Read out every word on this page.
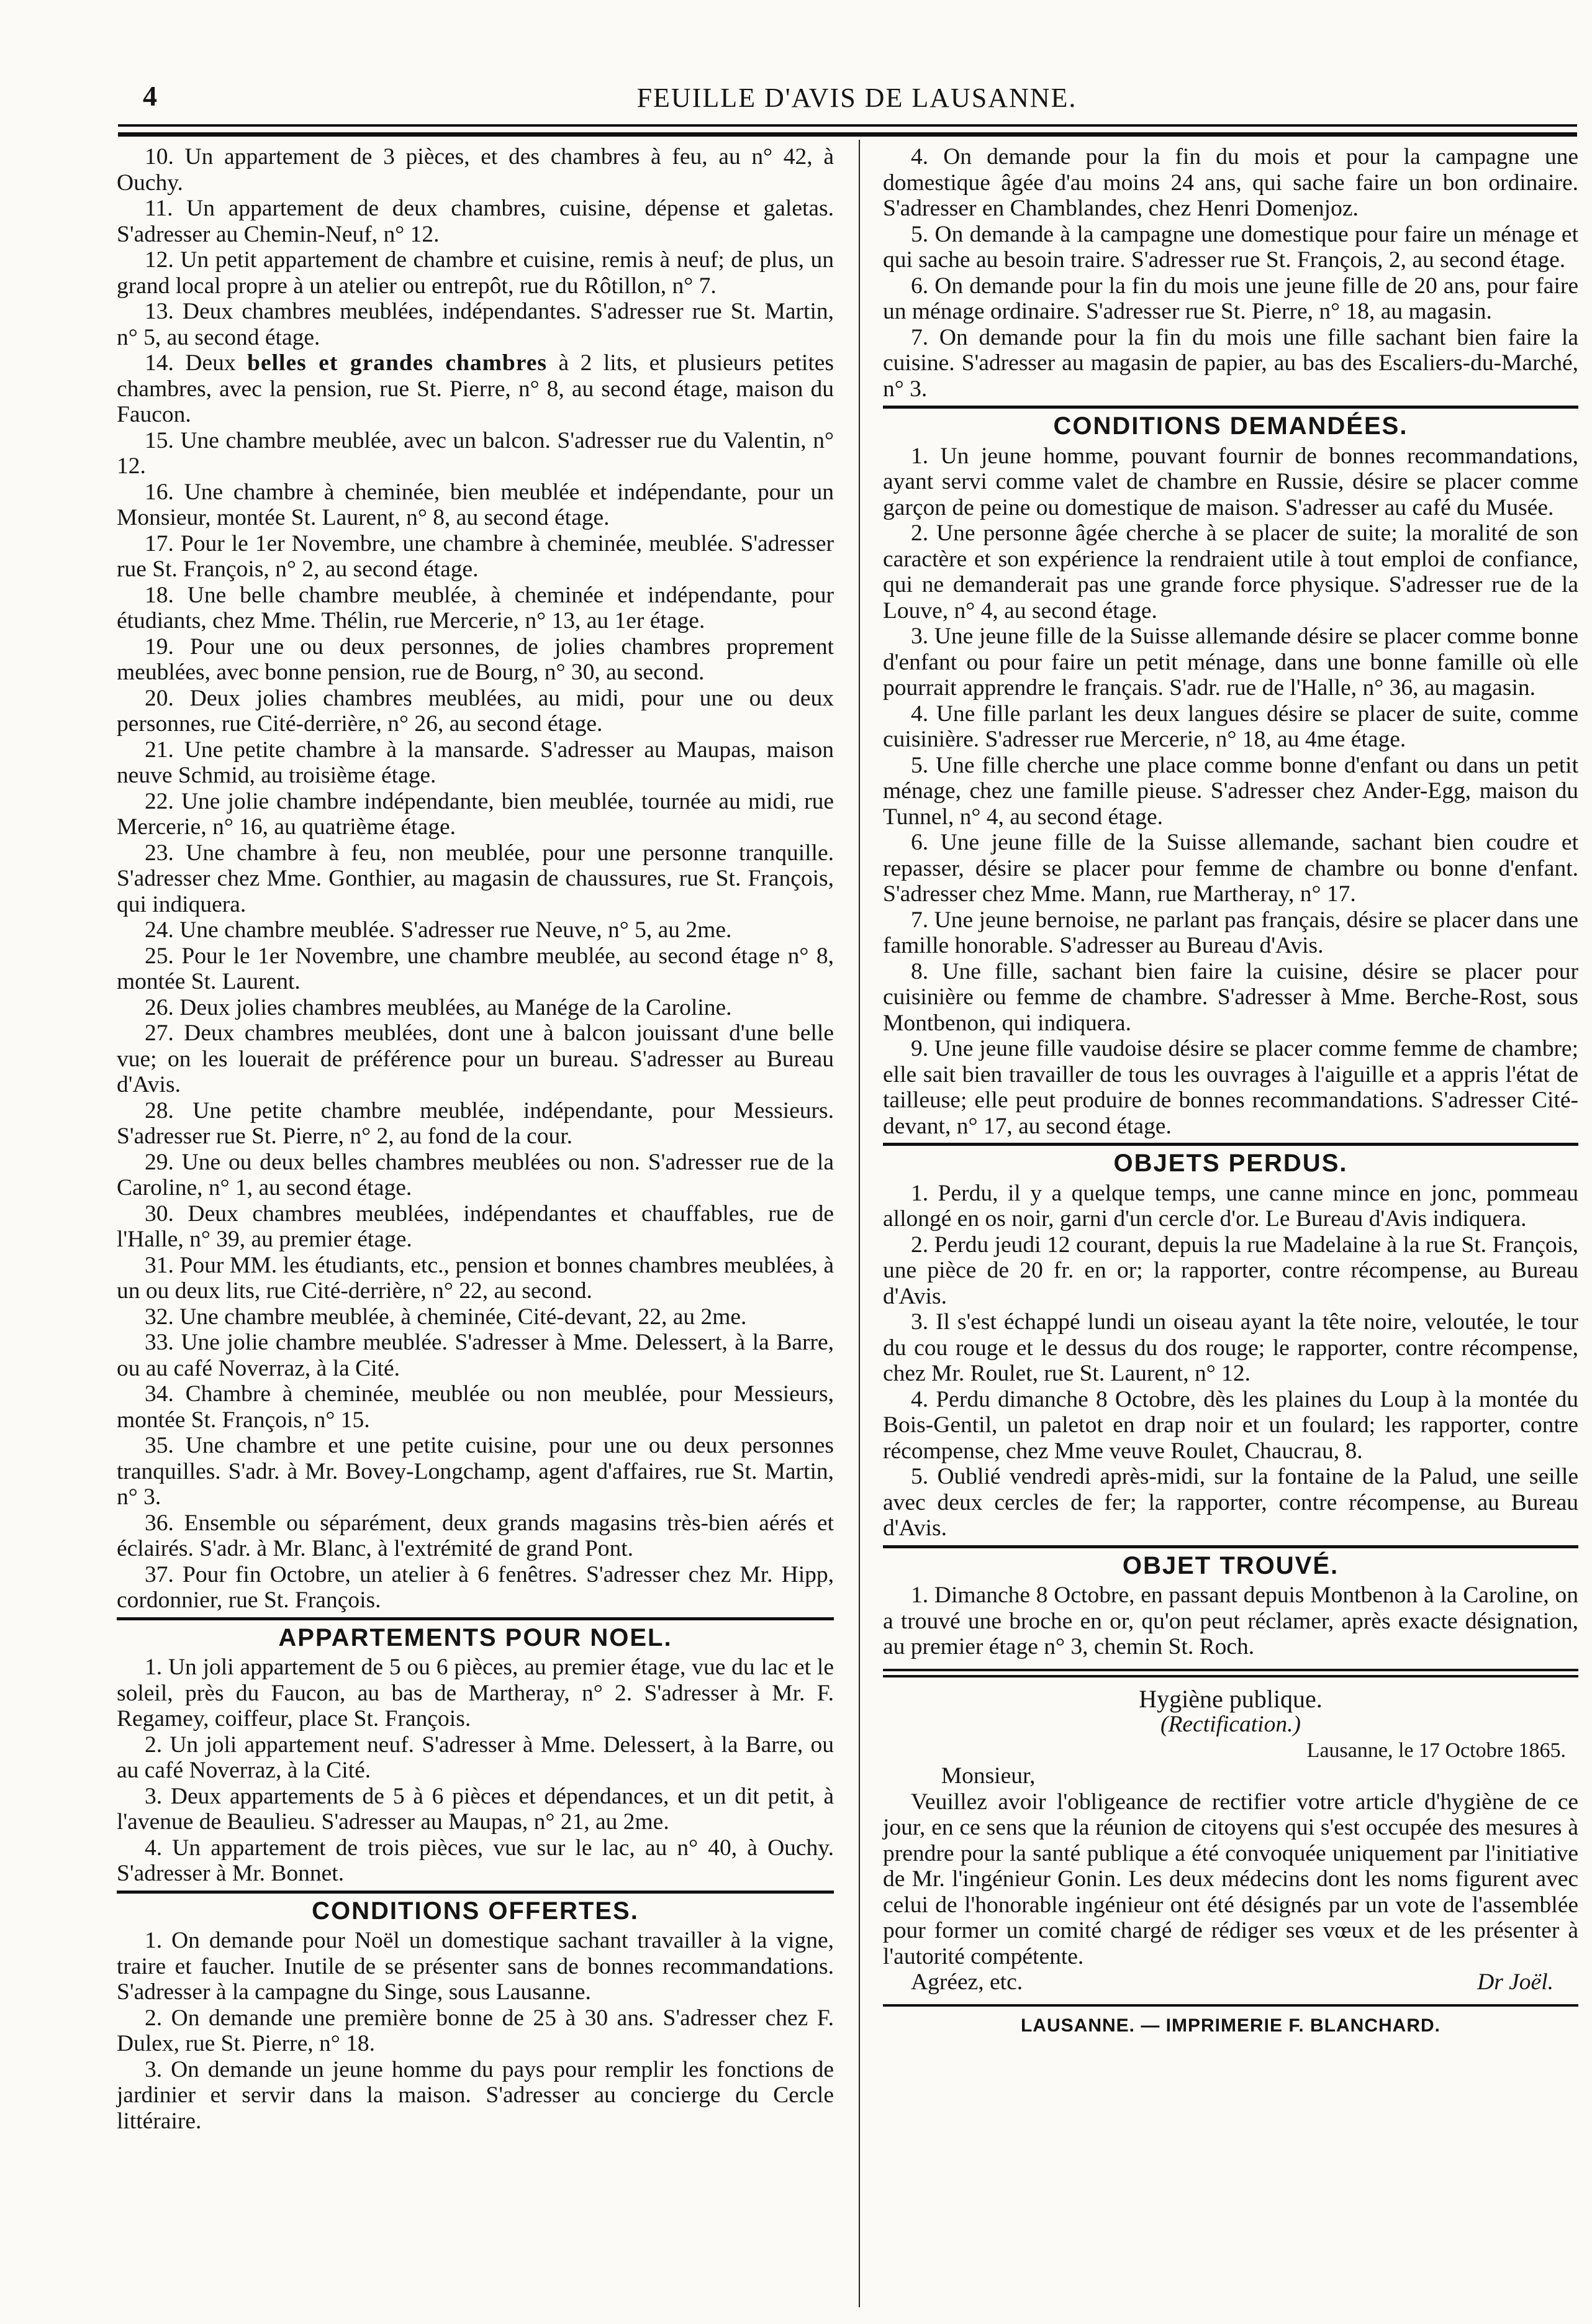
4	FEUILLE D'AVIS DE LAUSANNE.

10. Un appartement de 3 pièces, et des chambres à feu, au n° 42, à Ouchy.

11. Un appartement de deux chambres, cuisine, dépense et galetas. S'adresser au Chemin-Neuf, n° 12.

12. Un petit appartement de chambre et cuisine, remis à neuf; de plus, un grand local propre à un atelier ou entrepôt, rue du Rôtillon, n° 7.

13. Deux chambres meublées, indépendantes. S'adresser rue St. Martin, n° 5, au second étage.

14. Deux belles et grandes chambres à 2 lits, et plusieurs petites chambres, avec la pension, rue St. Pierre, n° 8, au second étage, maison du Faucon.

15. Une chambre meublée, avec un balcon. S'adresser rue du Valentin, n° 12.

16. Une chambre à cheminée, bien meublée et indépendante, pour un Monsieur, montée St. Laurent, n° 8, au second étage.

17. Pour le 1er Novembre, une chambre à cheminée, meublée. S'adresser rue St. François, n° 2, au second étage.

18. Une belle chambre meublée, à cheminée et indépendante, pour étudiants, chez Mme. Thélin, rue Mercerie, n° 13, au 1er étage.

19. Pour une ou deux personnes, de jolies chambres proprement meublées, avec bonne pension, rue de Bourg, n° 30, au second.

20. Deux jolies chambres meublées, au midi, pour une ou deux personnes, rue Cité-derrière, n° 26, au second étage.

21. Une petite chambre à la mansarde. S'adresser au Maupas, maison neuve Schmid, au troisième étage.

22. Une jolie chambre indépendante, bien meublée, tournée au midi, rue Mercerie, n° 16, au quatrième étage.

23. Une chambre à feu, non meublée, pour une personne tranquille. S'adresser chez Mme. Gonthier, au magasin de chaussures, rue St. François, qui indiquera.

24. Une chambre meublée. S'adresser rue Neuve, n° 5, au 2me.

25. Pour le 1er Novembre, une chambre meublée, au second étage n° 8, montée St. Laurent.

26. Deux jolies chambres meublées, au Manége de la Caroline.

27. Deux chambres meublées, dont une à balcon jouissant d'une belle vue; on les louerait de préférence pour un bureau. S'adresser au Bureau d'Avis.

28. Une petite chambre meublée, indépendante, pour Messieurs. S'adresser rue St. Pierre, n° 2, au fond de la cour.

29. Une ou deux belles chambres meublées ou non. S'adresser rue de la Caroline, n° 1, au second étage.

30. Deux chambres meublées, indépendantes et chauffables, rue de l'Halle, n° 39, au premier étage.

31. Pour MM. les étudiants, etc., pension et bonnes chambres meublées, à un ou deux lits, rue Cité-derrière, n° 22, au second.

32. Une chambre meublée, à cheminée, Cité-devant, 22, au 2me.

33. Une jolie chambre meublée. S'adresser à Mme. Delessert, à la Barre, ou au café Noverraz, à la Cité.

34. Chambre à cheminée, meublée ou non meublée, pour Messieurs, montée St. François, n° 15.

35. Une chambre et une petite cuisine, pour une ou deux personnes tranquilles. S'adr. à Mr. Bovey-Longchamp, agent d'affaires, rue St. Martin, n° 3.

36. Ensemble ou séparément, deux grands magasins très-bien aérés et éclairés. S'adr. à Mr. Blanc, à l'extrémité de grand Pont.

37. Pour fin Octobre, un atelier à 6 fenêtres. S'adresser chez Mr. Hipp, cordonnier, rue St. François.

APPARTEMENTS POUR NOEL.

1. Un joli appartement de 5 ou 6 pièces, au premier étage, vue du lac et le soleil, près du Faucon, au bas de Martheray, n° 2. S'adresser à Mr. F. Regamey, coiffeur, place St. François.

2. Un joli appartement neuf. S'adresser à Mme. Delessert, à la Barre, ou au café Noverraz, à la Cité.

3. Deux appartements de 5 à 6 pièces et dépendances, et un dit petit, à l'avenue de Beaulieu. S'adresser au Maupas, n° 21, au 2me.

4. Un appartement de trois pièces, vue sur le lac, au n° 40, à Ouchy. S'adresser à Mr. Bonnet.

CONDITIONS OFFERTES.

1. On demande pour Noël un domestique sachant travailler à la vigne, traire et faucher. Inutile de se présenter sans de bonnes recommandations. S'adresser à la campagne du Singe, sous Lausanne.

2. On demande une première bonne de 25 à 30 ans. S'adresser chez F. Dulex, rue St. Pierre, n° 18.

3. On demande un jeune homme du pays pour remplir les fonctions de jardinier et servir dans la maison. S'adresser au concierge du Cercle littéraire.

4. On demande pour la fin du mois et pour la campagne une domestique âgée d'au moins 24 ans, qui sache faire un bon ordinaire. S'adresser en Chamblandes, chez Henri Domenjoz.

5. On demande à la campagne une domestique pour faire un ménage et qui sache au besoin traire. S'adresser rue St. François, 2, au second étage.

6. On demande pour la fin du mois une jeune fille de 20 ans, pour faire un ménage ordinaire. S'adresser rue St. Pierre, n° 18, au magasin.

7. On demande pour la fin du mois une fille sachant bien faire la cuisine. S'adresser au magasin de papier, au bas des Escaliers-du-Marché, n° 3.

CONDITIONS DEMANDÉES.

1. Un jeune homme, pouvant fournir de bonnes recommandations, ayant servi comme valet de chambre en Russie, désire se placer comme garçon de peine ou domestique de maison. S'adresser au café du Musée.

2. Une personne âgée cherche à se placer de suite; la moralité de son caractère et son expérience la rendraient utile à tout emploi de confiance, qui ne demanderait pas une grande force physique. S'adresser rue de la Louve, n° 4, au second étage.

3. Une jeune fille de la Suisse allemande désire se placer comme bonne d'enfant ou pour faire un petit ménage, dans une bonne famille où elle pourrait apprendre le français. S'adr. rue de l'Halle, n° 36, au magasin.

4. Une fille parlant les deux langues désire se placer de suite, comme cuisinière. S'adresser rue Mercerie, n° 18, au 4me étage.

5. Une fille cherche une place comme bonne d'enfant ou dans un petit ménage, chez une famille pieuse. S'adresser chez Ander-Egg, maison du Tunnel, n° 4, au second étage.

6. Une jeune fille de la Suisse allemande, sachant bien coudre et repasser, désire se placer pour femme de chambre ou bonne d'enfant. S'adresser chez Mme. Mann, rue Martheray, n° 17.

7. Une jeune bernoise, ne parlant pas français, désire se placer dans une famille honorable. S'adresser au Bureau d'Avis.

8. Une fille, sachant bien faire la cuisine, désire se placer pour cuisinière ou femme de chambre. S'adresser à Mme. Berche-Rost, sous Montbenon, qui indiquera.

9. Une jeune fille vaudoise désire se placer comme femme de chambre; elle sait bien travailler de tous les ouvrages à l'aiguille et a appris l'état de tailleuse; elle peut produire de bonnes recommandations. S'adresser Cité-devant, n° 17, au second étage.

OBJETS PERDUS.

1. Perdu, il y a quelque temps, une canne mince en jonc, pommeau allongé en os noir, garni d'un cercle d'or. Le Bureau d'Avis indiquera.

2. Perdu jeudi 12 courant, depuis la rue Madelaine à la rue St. François, une pièce de 20 fr. en or; la rapporter, contre récompense, au Bureau d'Avis.

3. Il s'est échappé lundi un oiseau ayant la tête noire, veloutée, le tour du cou rouge et le dessus du dos rouge; le rapporter, contre récompense, chez Mr. Roulet, rue St. Laurent, n° 12.

4. Perdu dimanche 8 Octobre, dès les plaines du Loup à la montée du Bois-Gentil, un paletot en drap noir et un foulard; les rapporter, contre récompense, chez Mme veuve Roulet, Chaucrau, 8.

5. Oublié vendredi après-midi, sur la fontaine de la Palud, une seille avec deux cercles de fer; la rapporter, contre récompense, au Bureau d'Avis.

OBJET TROUVÉ.

1. Dimanche 8 Octobre, en passant depuis Montbenon à la Caroline, on a trouvé une broche en or, qu'on peut réclamer, après exacte désignation, au premier étage n° 3, chemin St. Roch.

Hygiène publique.
(Rectification.)
Lausanne, le 17 Octobre 1865.

Monsieur,

Veuillez avoir l'obligeance de rectifier votre article d'hygiène de ce jour, en ce sens que la réunion de citoyens qui s'est occupée des mesures à prendre pour la santé publique a été convoquée uniquement par l'initiative de Mr. l'ingénieur Gonin. Les deux médecins dont les noms figurent avec celui de l'honorable ingénieur ont été désignés par un vote de l'assemblée pour former un comité chargé de rédiger ses vœux et de les présenter à l'autorité compétente.

Agréez, etc.	Dr Joël.
LAUSANNE. — IMPRIMERIE F. BLANCHARD.
